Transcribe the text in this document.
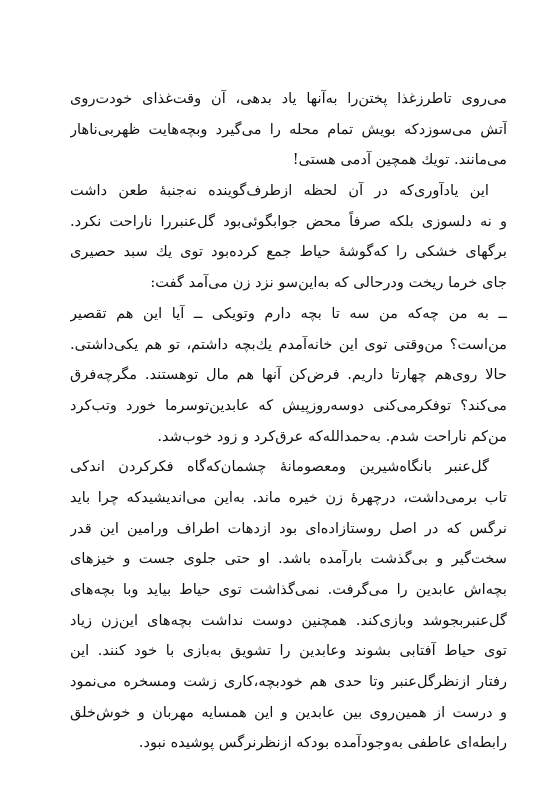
می‌روی تاطرزغذا پختن‌را به‌آنها یاد بدهی، آن وقت‌غذای خودت‌روی
آتش می‌سوزدکه بویش تمام محله را می‌گیرد وبچه‌هایت ظهربی‌ناهار
می‌مانند. تویك همچین آدمی هستی!
این یادآوری‌که در آن لحظه ازطرف‌گوینده نه‌جنبهٔ طعن داشت
و نه دلسوزی بلکه صرفاً محض جوابگوئی‌بود گل‌عنبررا ناراحت نکرد.
برگهای خشکی را که‌گوشهٔ حیاط جمع کرده‌بود توی یك سبد حصیری
جای خرما ریخت ودرحالی که به‌این‌سو نزد زن می‌آمد گفت:
ــ به من چه‌که من سه تا بچه دارم وتویکی ــ آیا این هم تقصیر
من‌است؟ من‌وقتی توی این خانه‌آمدم یك‌بچه داشتم، تو هم یکی‌داشتی.
حالا روی‌هم چهارتا داریم. فرض‌کن آنها هم مال توهستند. مگرچه‌فرق
می‌کند؟ توفکرمی‌کنی دوسه‌روزپیش که عابدین‌توسرما خورد وتب‌کرد
من‌کم ناراحت شدم. به‌حمدالله‌که عرق‌کرد و زود خوب‌شد.
گل‌عنبر بانگاه‌شیرین ومعصومانهٔ چشمان‌که‌گاه فکرکردن اندکی
تاب برمی‌داشت، درچهرهٔ زن خیره ماند. به‌این می‌اندیشیدکه چرا باید
نرگس که در اصل روستازاده‌ای بود ازدهات اطراف ورامین این قدر
سخت‌گیر و بی‌گذشت بارآمده باشد. او حتی جلوی جست و خیزهای
بچه‌اش عابدین را می‌گرفت. نمی‌گذاشت توی حیاط بیاید وبا بچه‌های
گل‌عنبربجوشد وبازی‌کند. همچنین دوست نداشت بچه‌های این‌زن زیاد
توی حیاط آفتابی بشوند وعابدین را تشویق به‌بازی با خود کنند. این
رفتار ازنظرگل‌عنبر وتا حدی هم خودبچه،کاری زشت ومسخره می‌نمود
و درست از همین‌روی بین عابدین و این همسایه مهربان و خوش‌خلق
رابطه‌ای عاطفی به‌وجودآمده بودکه ازنظرنرگس پوشیده نبود.
